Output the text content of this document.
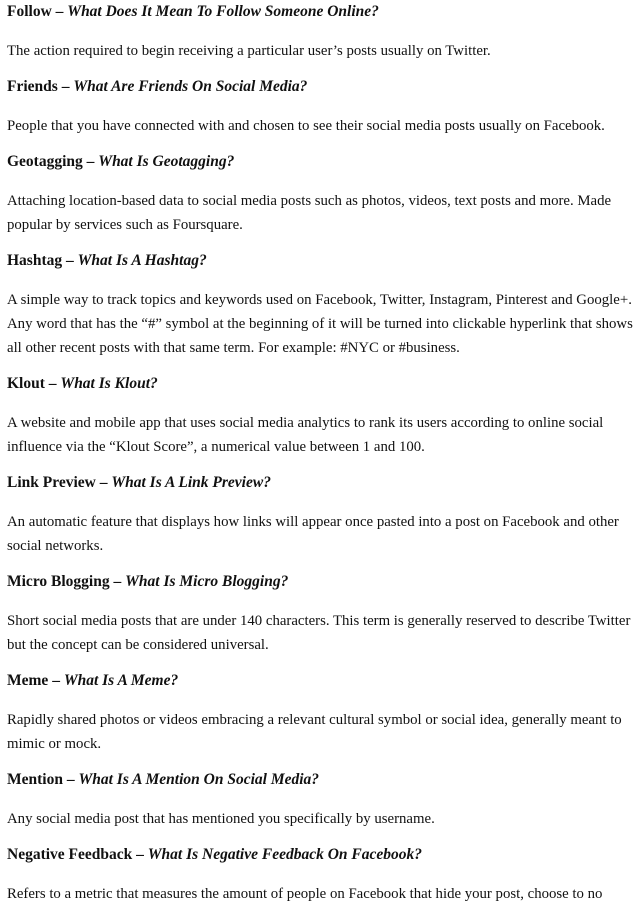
Follow – What Does It Mean To Follow Someone Online?

The action required to begin receiving a particular user’s posts usually on Twitter.

Friends – What Are Friends On Social Media?

People that you have connected with and chosen to see their social media posts usually on Facebook.

Geotagging – What Is Geotagging?

Attaching location-based data to social media posts such as photos, videos, text posts and more. Made popular by services such as Foursquare.

Hashtag – What Is A Hashtag?

A simple way to track topics and keywords used on Facebook, Twitter, Instagram, Pinterest and Google+. Any word that has the “#” symbol at the beginning of it will be turned into clickable hyperlink that shows all other recent posts with that same term. For example: #NYC or #business.

Klout – What Is Klout?

A website and mobile app that uses social media analytics to rank its users according to online social influence via the “Klout Score”, a numerical value between 1 and 100.

Link Preview – What Is A Link Preview?

An automatic feature that displays how links will appear once pasted into a post on Facebook and other social networks.

Micro Blogging – What Is Micro Blogging?

Short social media posts that are under 140 characters. This term is generally reserved to describe Twitter but the concept can be considered universal.

Meme – What Is A Meme?

Rapidly shared photos or videos embracing a relevant cultural symbol or social idea, generally meant to mimic or mock.

Mention – What Is A Mention On Social Media?

Any social media post that has mentioned you specifically by username.

Negative Feedback – What Is Negative Feedback On Facebook?

Refers to a metric that measures the amount of people on Facebook that hide your post, choose to no
